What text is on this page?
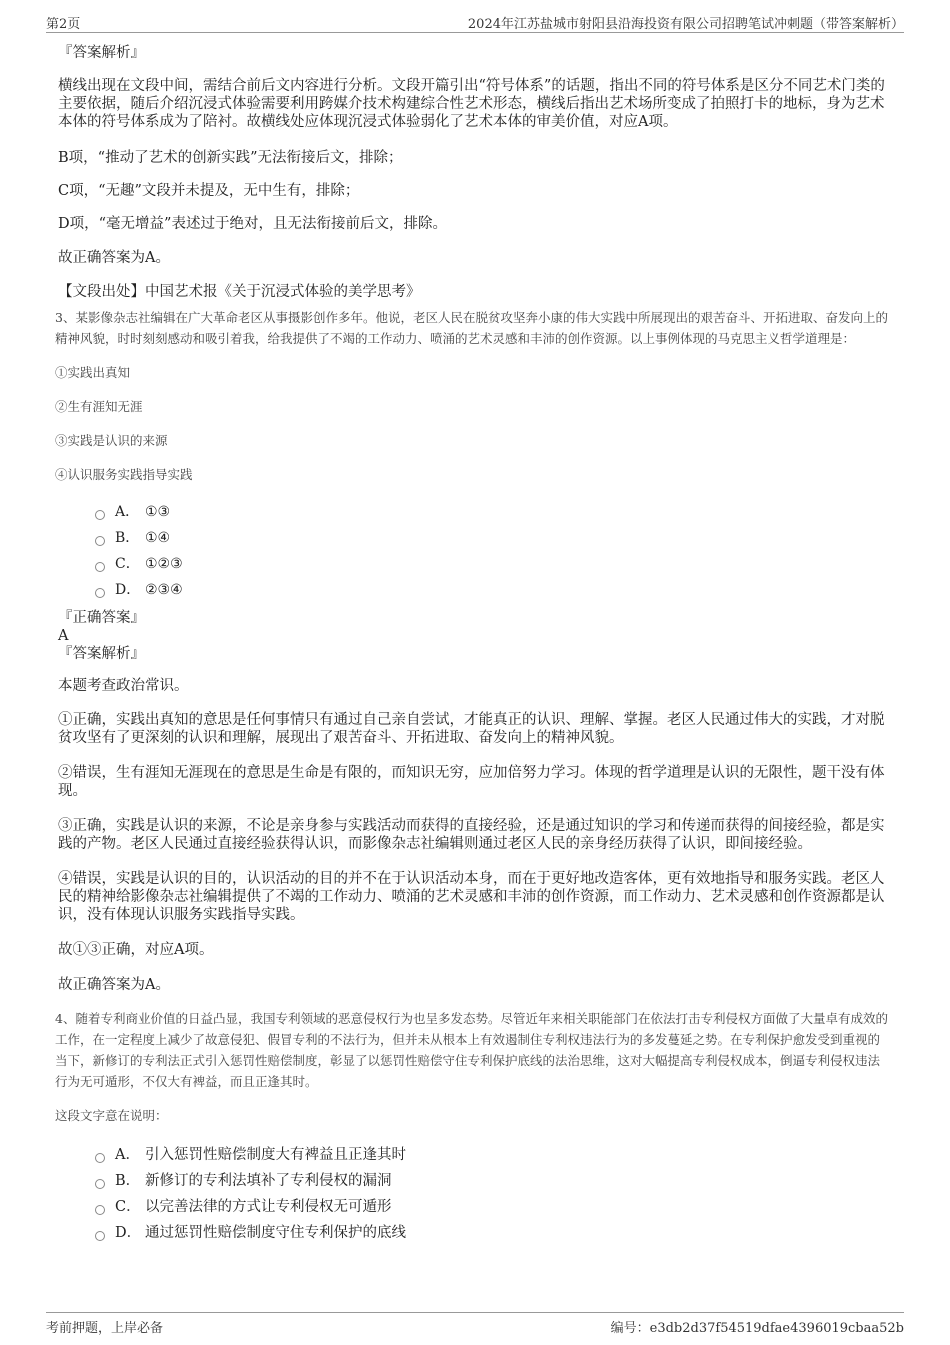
第2页	2024年江苏盐城市射阳县沿海投资有限公司招聘笔试冲刺题（带答案解析）

『答案解析』

横线出现在文段中间，需结合前后文内容进行分析。文段开篇引出“符号体系”的话题，指出不同的符号体系是区分不同艺术门类的主要依据，随后介绍沉浸式体验需要利用跨媒介技术构建综合性艺术形态，横线后指出艺术场所变成了拍照打卡的地标，身为艺术本体的符号体系成为了陪衬。故横线处应体现沉浸式体验弱化了艺术本体的审美价值，对应A项。

B项，“推动了艺术的创新实践”无法衔接后文，排除；

C项，“无趣”文段并未提及，无中生有，排除；

D项，“毫无增益”表述过于绝对，且无法衔接前后文，排除。

故正确答案为A。

【文段出处】中国艺术报《关于沉浸式体验的美学思考》

3、某影像杂志社编辑在广大革命老区从事摄影创作多年。他说，老区人民在脱贫攻坚奔小康的伟大实践中所展现出的艰苦奋斗、开拓进取、奋发向上的精神风貌，时时刻刻感动和吸引着我，给我提供了不竭的工作动力、喷涌的艺术灵感和丰沛的创作资源。以上事例体现的马克思主义哲学道理是：

①实践出真知

②生有涯知无涯

③实践是认识的来源

④认识服务实践指导实践

A． ①③
B． ①④
C． ①②③
D． ②③④

『正确答案』

A

『答案解析』

本题考查政治常识。

①正确，实践出真知的意思是任何事情只有通过自己亲自尝试，才能真正的认识、理解、掌握。老区人民通过伟大的实践，才对脱贫攻坚有了更深刻的认识和理解，展现出了艰苦奋斗、开拓进取、奋发向上的精神风貌。

②错误，生有涯知无涯现在的意思是生命是有限的，而知识无穷，应加倍努力学习。体现的哲学道理是认识的无限性，题干没有体现。

③正确，实践是认识的来源，不论是亲身参与实践活动而获得的直接经验，还是通过知识的学习和传递而获得的间接经验，都是实践的产物。老区人民通过直接经验获得认识，而影像杂志社编辑则通过老区人民的亲身经历获得了认识，即间接经验。

④错误，实践是认识的目的，认识活动的目的并不在于认识活动本身，而在于更好地改造客体，更有效地指导和服务实践。老区人民的精神给影像杂志社编辑提供了不竭的工作动力、喷涌的艺术灵感和丰沛的创作资源，而工作动力、艺术灵感和创作资源都是认识，没有体现认识服务实践指导实践。

故①③正确，对应A项。

故正确答案为A。

4、随着专利商业价值的日益凸显，我国专利领域的恶意侵权行为也呈多发态势。尽管近年来相关职能部门在依法打击专利侵权方面做了大量卓有成效的工作，在一定程度上减少了故意侵犯、假冒专利的不法行为，但并未从根本上有效遏制住专利权违法行为的多发蔓延之势。在专利保护愈发受到重视的当下，新修订的专利法正式引入惩罚性赔偿制度，彰显了以惩罚性赔偿守住专利保护底线的法治思维，这对大幅提高专利侵权成本，倒逼专利侵权违法行为无可遁形，不仅大有裨益，而且正逢其时。

这段文字意在说明：

A． 引入惩罚性赔偿制度大有裨益且正逢其时
B． 新修订的专利法填补了专利侵权的漏洞
C． 以完善法律的方式让专利侵权无可遁形
D． 通过惩罚性赔偿制度守住专利保护的底线
考前押题，上岸必备	编号：e3db2d37f54519dfae4396019cbaa52b
